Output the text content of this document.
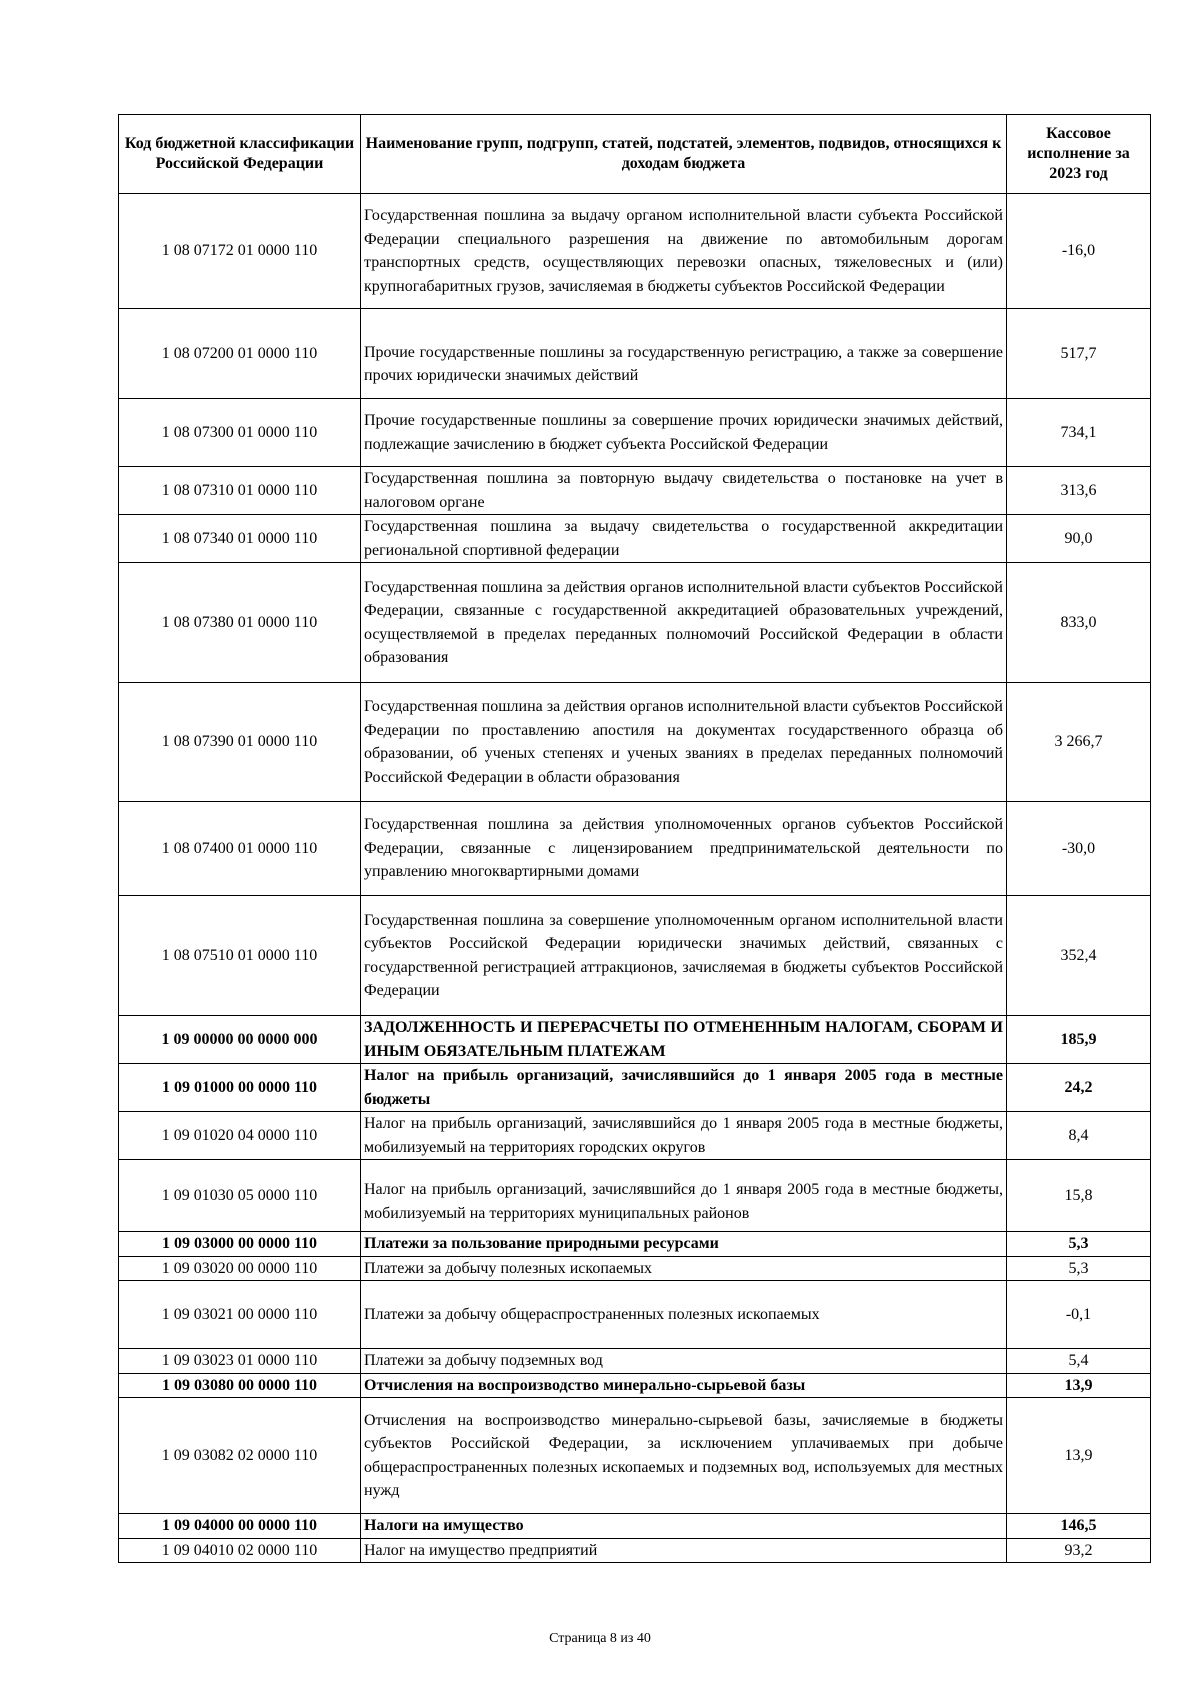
Код бюджетной классификации Российской Федерации	Наименование групп, подгрупп, статей, подстатей, элементов, подвидов, относящихся к доходам бюджета	Кассовое исполнение за 2023 год
1 08 07172 01 0000 110	Государственная пошлина за выдачу органом исполнительной власти субъекта Российской Федерации специального разрешения на движение по автомобильным дорогам транспортных средств, осуществляющих перевозки опасных, тяжеловесных и (или) крупногабаритных грузов, зачисляемая в бюджеты субъектов Российской Федерации	-16,0
1 08 07200 01 0000 110	Прочие государственные пошлины за государственную регистрацию, а также за совершение прочих юридически значимых действий	517,7
1 08 07300 01 0000 110	Прочие государственные пошлины за совершение прочих юридически значимых действий, подлежащие зачислению в бюджет субъекта Российской Федерации	734,1
1 08 07310 01 0000 110	Государственная пошлина за повторную выдачу свидетельства о постановке на учет в налоговом органе	313,6
1 08 07340 01 0000 110	Государственная пошлина за выдачу свидетельства о государственной аккредитации региональной спортивной федерации	90,0
1 08 07380 01 0000 110	Государственная пошлина за действия органов исполнительной власти субъектов Российской Федерации, связанные с государственной аккредитацией образовательных учреждений, осуществляемой в пределах переданных полномочий Российской Федерации в области образования	833,0
1 08 07390 01 0000 110	Государственная пошлина за действия органов исполнительной власти субъектов Российской Федерации по проставлению апостиля на документах государственного образца об образовании, об ученых степенях и ученых званиях в пределах переданных полномочий Российской Федерации в области образования	3 266,7
1 08 07400 01 0000 110	Государственная пошлина за действия уполномоченных органов субъектов Российской Федерации, связанные с лицензированием предпринимательской деятельности по управлению многоквартирными домами	-30,0
1 08 07510 01 0000 110	Государственная пошлина за совершение уполномоченным органом исполнительной власти субъектов Российской Федерации юридически значимых действий, связанных с государственной регистрацией аттракционов, зачисляемая в бюджеты субъектов Российской Федерации	352,4
1 09 00000 00 0000 000	ЗАДОЛЖЕННОСТЬ И ПЕРЕРАСЧЕТЫ ПО ОТМЕНЕННЫМ НАЛОГАМ, СБОРАМ И ИНЫМ ОБЯЗАТЕЛЬНЫМ ПЛАТЕЖАМ	185,9
1 09 01000 00 0000 110	Налог на прибыль организаций, зачислявшийся до 1 января 2005 года в местные бюджеты	24,2
1 09 01020 04 0000 110	Налог на прибыль организаций, зачислявшийся до 1 января 2005 года в местные бюджеты, мобилизуемый на территориях городских округов	8,4
1 09 01030 05 0000 110	Налог на прибыль организаций, зачислявшийся до 1 января 2005 года в местные бюджеты, мобилизуемый на территориях муниципальных районов	15,8
1 09 03000 00 0000 110	Платежи за пользование природными ресурсами	5,3
1 09 03020 00 0000 110	Платежи за добычу полезных ископаемых	5,3
1 09 03021 00 0000 110	Платежи за добычу общераспространенных полезных ископаемых	-0,1
1 09 03023 01 0000 110	Платежи за добычу подземных вод	5,4
1 09 03080 00 0000 110	Отчисления на воспроизводство минерально-сырьевой базы	13,9
1 09 03082 02 0000 110	Отчисления на воспроизводство минерально-сырьевой базы, зачисляемые в бюджеты субъектов Российской Федерации, за исключением уплачиваемых при добыче общераспространенных полезных ископаемых и подземных вод, используемых для местных нужд	13,9
1 09 04000 00 0000 110	Налоги на имущество	146,5
1 09 04010 02 0000 110	Налог на имущество предприятий	93,2
Страница 8 из 40
